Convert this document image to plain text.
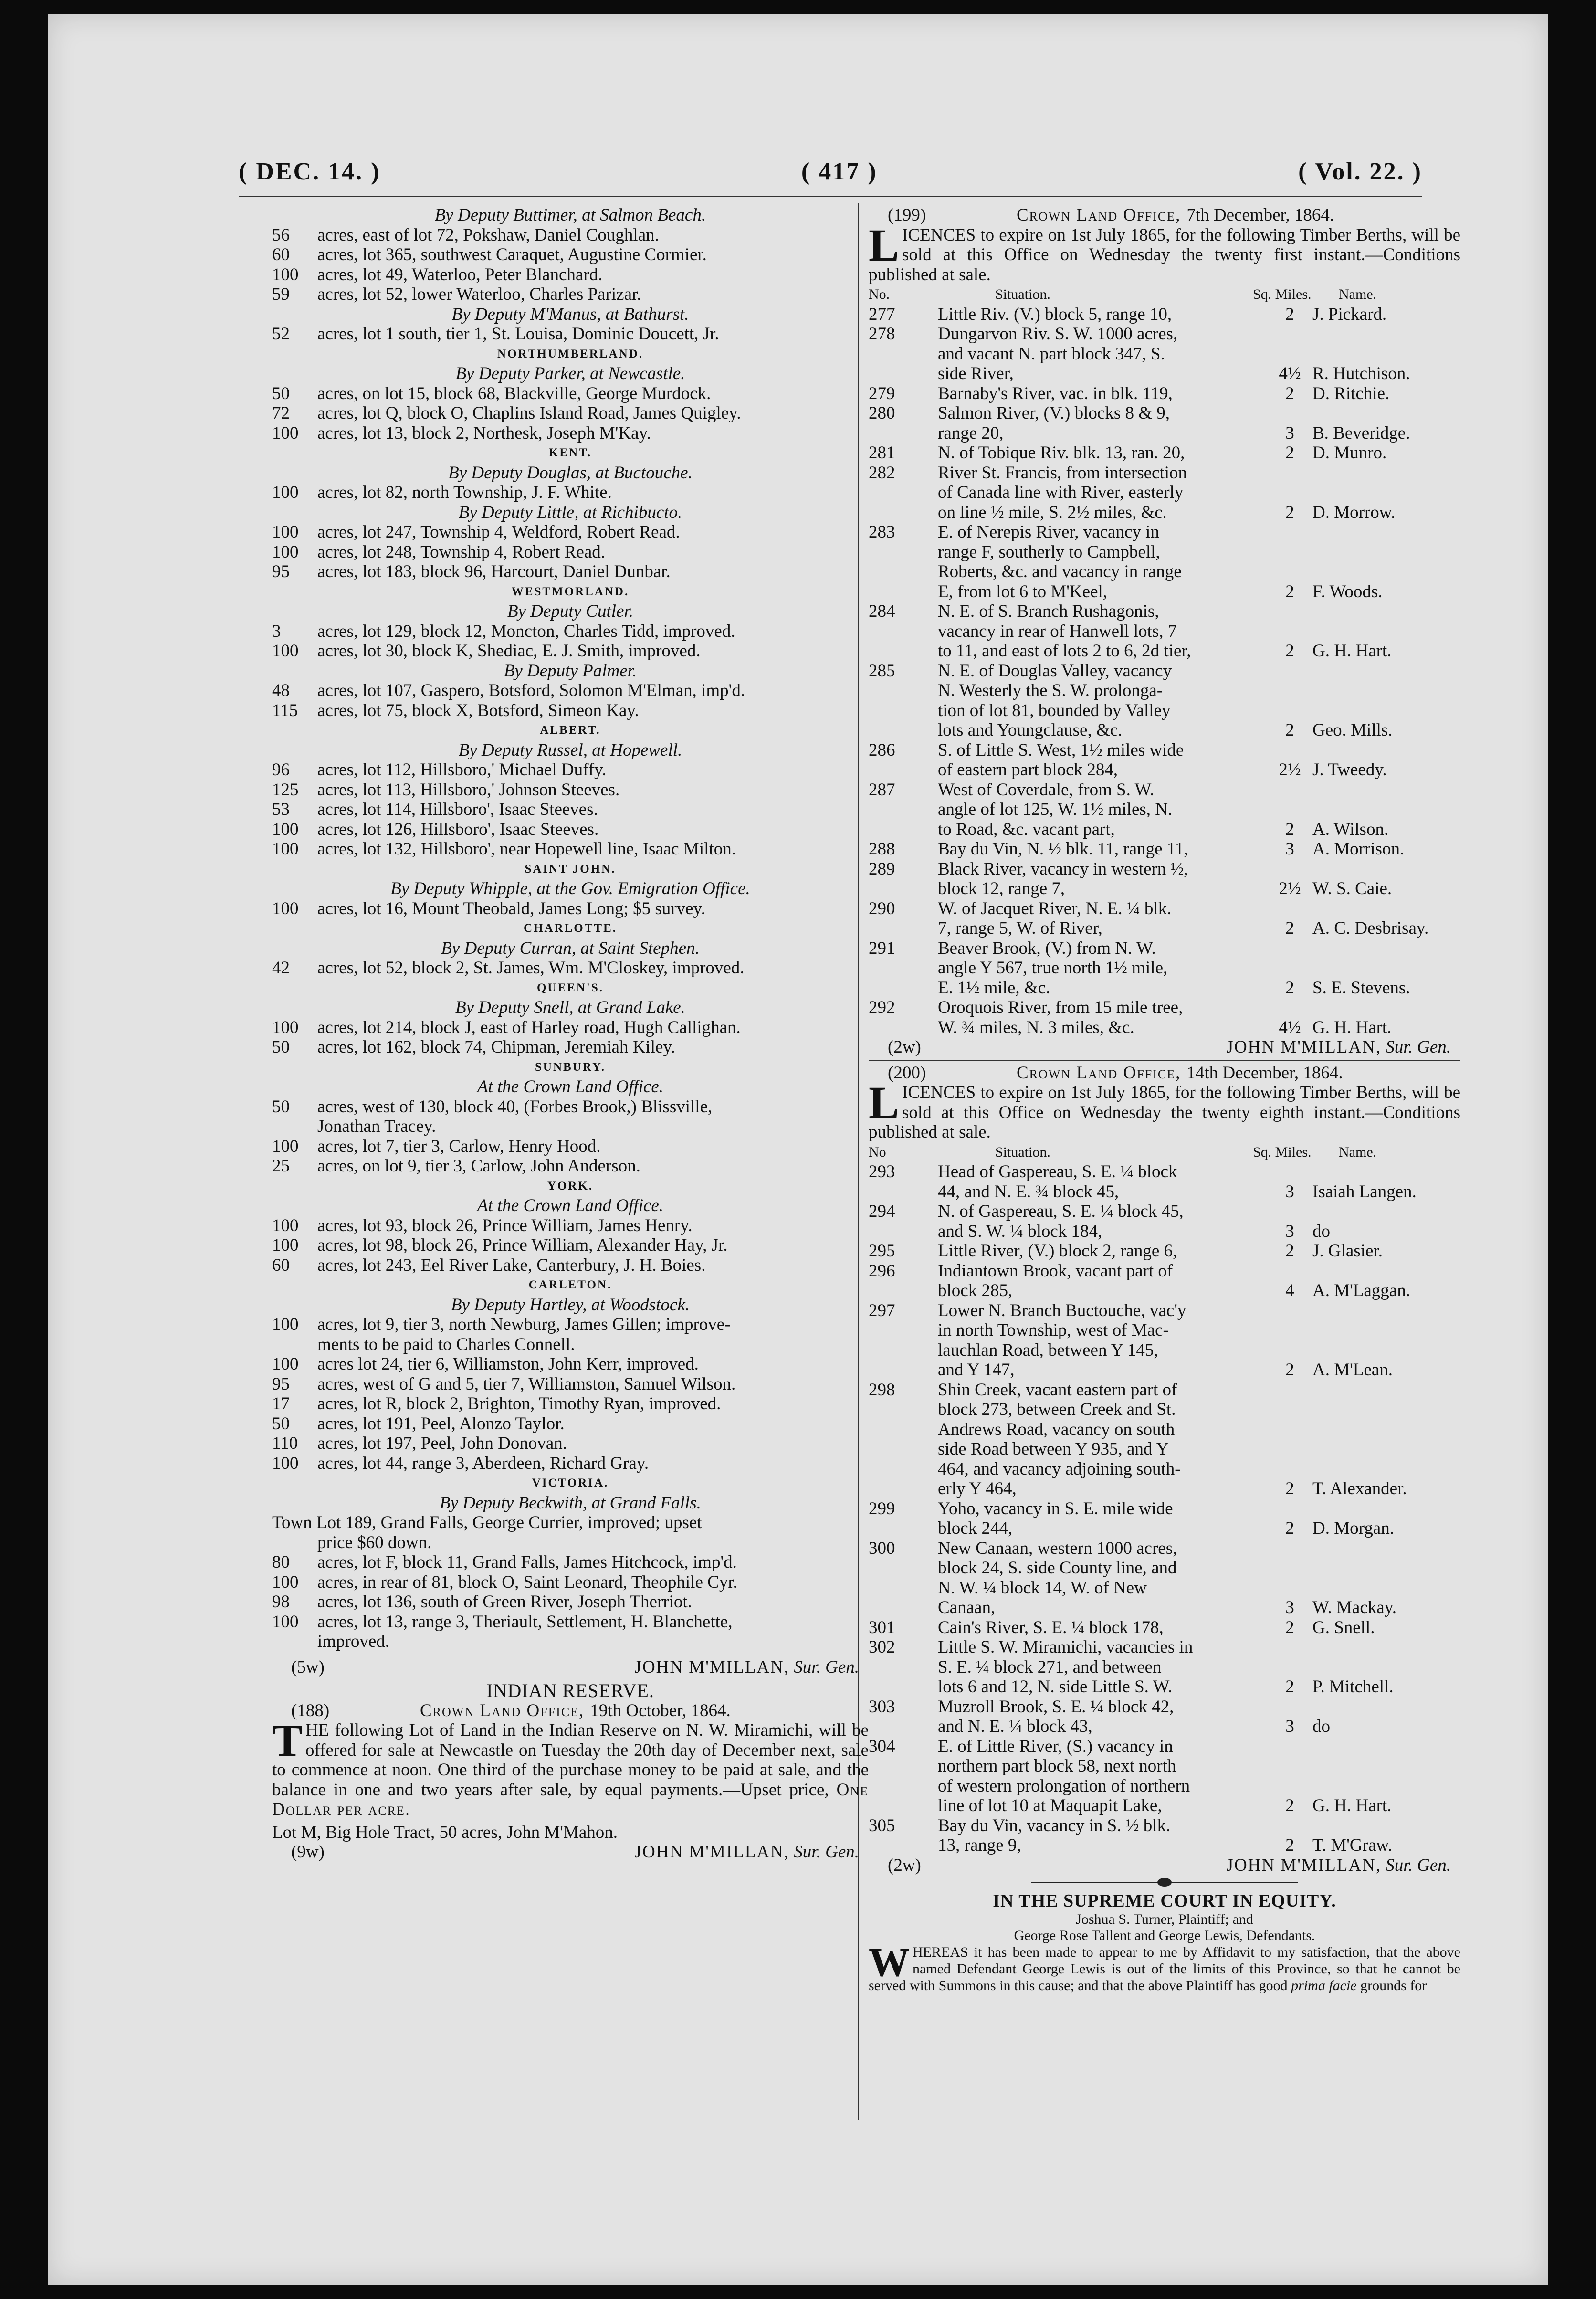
( DEC. 14. )	( 417 )	( Vol. 22. )
By Deputy Buttimer, at Salmon Beach.
56 acres, east of lot 72, Pokshaw, Daniel Coughlan.
60 acres, lot 365, southwest Caraquet, Augustine Cormier.
100 acres, lot 49, Waterloo, Peter Blanchard.
59 acres, lot 52, lower Waterloo, Charles Parizar.
By Deputy M'Manus, at Bathurst.
52 acres, lot 1 south, tier 1, St. Louisa, Dominic Doucett, Jr.
NORTHUMBERLAND.
By Deputy Parker, at Newcastle.
50 acres, on lot 15, block 68, Blackville, George Murdock.
72 acres, lot Q, block O, Chaplins Island Road, James Quigley.
100 acres, lot 13, block 2, Northesk, Joseph M'Kay.
KENT.
By Deputy Douglas, at Buctouche.
100 acres, lot 82, north Township, J. F. White.
By Deputy Little, at Richibucto.
100 acres, lot 247, Township 4, Weldford, Robert Read.
100 acres, lot 248, Township 4, Robert Read.
95 acres, lot 183, block 96, Harcourt, Daniel Dunbar.
WESTMORLAND.
By Deputy Cutler.
3 acres, lot 129, block 12, Moncton, Charles Tidd, improved.
100 acres, lot 30, block K, Shediac, E. J. Smith, improved.
By Deputy Palmer.
48 acres, lot 107, Gaspero, Botsford, Solomon M'Elman, imp'd.
115 acres, lot 75, block X, Botsford, Simeon Kay.
ALBERT.
By Deputy Russel, at Hopewell.
96 acres, lot 112, Hillsboro,' Michael Duffy.
125 acres, lot 113, Hillsboro,' Johnson Steeves.
53 acres, lot 114, Hillsboro', Isaac Steeves.
100 acres, lot 126, Hillsboro', Isaac Steeves.
100 acres, lot 132, Hillsboro', near Hopewell line, Isaac Milton.
SAINT JOHN.
By Deputy Whipple, at the Gov. Emigration Office.
100 acres, lot 16, Mount Theobald, James Long; $5 survey.
CHARLOTTE.
By Deputy Curran, at Saint Stephen.
42 acres, lot 52, block 2, St. James, Wm. M'Closkey, improved.
QUEEN'S.
By Deputy Snell, at Grand Lake.
100 acres, lot 214, block J, east of Harley road, Hugh Callighan.
50 acres, lot 162, block 74, Chipman, Jeremiah Kiley.
SUNBURY.
At the Crown Land Office.
50 acres, west of 130, block 40, (Forbes Brook,) Blissville,
Jonathan Tracey.
100 acres, lot 7, tier 3, Carlow, Henry Hood.
25 acres, on lot 9, tier 3, Carlow, John Anderson.
YORK.
At the Crown Land Office.
100 acres, lot 93, block 26, Prince William, James Henry.
100 acres, lot 98, block 26, Prince William, Alexander Hay, Jr.
60 acres, lot 243, Eel River Lake, Canterbury, J. H. Boies.
CARLETON.
By Deputy Hartley, at Woodstock.
100 acres, lot 9, tier 3, north Newburg, James Gillen; improve-
ments to be paid to Charles Connell.
100 acres lot 24, tier 6, Williamston, John Kerr, improved.
95 acres, west of G and 5, tier 7, Williamston, Samuel Wilson.
17 acres, lot R, block 2, Brighton, Timothy Ryan, improved.
50 acres, lot 191, Peel, Alonzo Taylor.
110 acres, lot 197, Peel, John Donovan.
100 acres, lot 44, range 3, Aberdeen, Richard Gray.
VICTORIA.
By Deputy Beckwith, at Grand Falls.
Town Lot 189, Grand Falls, George Currier, improved; upset
price $60 down.
80 acres, lot F, block 11, Grand Falls, James Hitchcock, imp'd.
100 acres, in rear of 81, block O, Saint Leonard, Theophile Cyr.
98 acres, lot 136, south of Green River, Joseph Therriot.
100 acres, lot 13, range 3, Theriault, Settlement, H. Blanchette,
improved.
(5w)	JOHN M'MILLAN, Sur. Gen.
INDIAN RESERVE.
(188)	Crown Land Office, 19th October, 1864.
T HE following Lot of Land in the Indian Reserve on N. W. Miramichi, will be offered for sale at Newcastle on Tuesday the 20th day of December next, sale to commence at noon. One third of the purchase money to be paid at sale, and the balance in one and two years after sale, by equal payments.—Upset price, One Dollar per acre.
Lot M, Big Hole Tract, 50 acres, John M'Mahon.
(9w)	JOHN M'MILLAN, Sur. Gen.
(199)	Crown Land Office, 7th December, 1864.
L ICENCES to expire on 1st July 1865, for the following Timber Berths, will be sold at this Office on Wednesday the twenty first instant.—Conditions published at sale.
No.	Situation.	Sq. Miles.	Name.
277	Little Riv. (V.) block 5, range 10,	2	J. Pickard.
278	Dungarvon Riv. S. W. 1000 acres,
and vacant N. part block 347, S.
side River,	4½ R. Hutchison.
279	Barnaby's River, vac. in blk. 119,	2	D. Ritchie.
280	Salmon River, (V.) blocks 8 & 9,
range 20,	3	B. Beveridge.
281	N. of Tobique Riv. blk. 13, ran. 20,	2	D. Munro.
282	River St. Francis, from intersection
of Canada line with River, easterly
on line ½ mile, S. 2½ miles, &c.	2	D. Morrow.
283	E. of Nerepis River, vacancy in
range F, southerly to Campbell,
Roberts, &c. and vacancy in range
E, from lot 6 to M'Keel,	2	F. Woods.
284	N. E. of S. Branch Rushagonis,
vacancy in rear of Hanwell lots, 7
to 11, and east of lots 2 to 6, 2d tier,	2	G. H. Hart.
285	N. E. of Douglas Valley, vacancy
N. Westerly the S. W. prolonga-
tion of lot 81, bounded by Valley
lots and Youngclause, &c.	2	Geo. Mills.
286	S. of Little S. West, 1½ miles wide
of eastern part block 284,	2½ J. Tweedy.
287	West of Coverdale, from S. W.
angle of lot 125, W. 1½ miles, N.
to Road, &c. vacant part,	2	A. Wilson.
288	Bay du Vin, N. ½ blk. 11, range 11,	3	A. Morrison.
289	Black River, vacancy in western ½,
block 12, range 7,	2½ W. S. Caie.
290	W. of Jacquet River, N. E. ¼ blk.
7, range 5, W. of River,	2	A. C. Desbrisay.
291	Beaver Brook, (V.) from N. W.
angle Y 567, true north 1½ mile,
E. 1½ mile, &c.	2	S. E. Stevens.
292	Oroquois River, from 15 mile tree,
W. ¾ miles, N. 3 miles, &c.	4½ G. H. Hart.
(2w)	JOHN M'MILLAN, Sur. Gen.
(200)	Crown Land Office, 14th December, 1864.
L ICENCES to expire on 1st July 1865, for the following Timber Berths, will be sold at this Office on Wednesday the twenty eighth instant.—Conditions published at sale.
No	Situation.	Sq. Miles.	Name.
293	Head of Gaspereau, S. E. ¼ block
44, and N. E. ¾ block 45,	3	Isaiah Langen.
294	N. of Gaspereau, S. E. ¼ block 45,
and S. W. ¼ block 184,	3	do
295	Little River, (V.) block 2, range 6,	2	J. Glasier.
296	Indiantown Brook, vacant part of
block 285,	4	A. M'Laggan.
297	Lower N. Branch Buctouche, vac'y
in north Township, west of Mac-
lauchlan Road, between Y 145,
and Y 147,	2	A. M'Lean.
298	Shin Creek, vacant eastern part of
block 273, between Creek and St.
Andrews Road, vacancy on south
side Road between Y 935, and Y
464, and vacancy adjoining south-
erly Y 464,	2	T. Alexander.
299	Yoho, vacancy in S. E. mile wide
block 244,	2	D. Morgan.
300	New Canaan, western 1000 acres,
block 24, S. side County line, and
N. W. ¼ block 14, W. of New
Canaan,	3	W. Mackay.
301	Cain's River, S. E. ¼ block 178,	2	G. Snell.
302	Little S. W. Miramichi, vacancies in
S. E. ¼ block 271, and between
lots 6 and 12, N. side Little S. W.	2	P. Mitchell.
303	Muzroll Brook, S. E. ¼ block 42,
and N. E. ¼ block 43,	3	do
304	E. of Little River, (S.) vacancy in
northern part block 58, next north
of western prolongation of northern
line of lot 10 at Maquapit Lake,	2	G. H. Hart.
305	Bay du Vin, vacancy in S. ½ blk.
13, range 9,	2	T. M'Graw.
(2w)	JOHN M'MILLAN, Sur. Gen.
IN THE SUPREME COURT IN EQUITY.
Joshua S. Turner, Plaintiff; and
George Rose Tallent and George Lewis, Defendants.
W HEREAS it has been made to appear to me by Affidavit to my satisfaction, that the above named Defendant George Lewis is out of the limits of this Province, so that he cannot be served with Summons in this cause; and that the above Plaintiff has good prima facie grounds for
